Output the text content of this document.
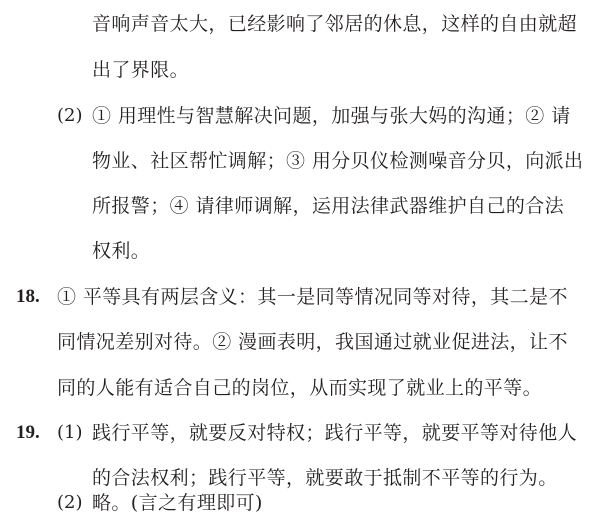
音响声音太大，已经影响了邻居的休息，这样的自由就超
出了界限。
(2) ① 用理性与智慧解决问题，加强与张大妈的沟通；② 请
物业、社区帮忙调解；③ 用分贝仪检测噪音分贝，向派出
所报警；④ 请律师调解，运用法律武器维护自己的合法
权利。
18. ① 平等具有两层含义：其一是同等情况同等对待，其二是不
同情况差别对待。② 漫画表明，我国通过就业促进法，让不
同的人能有适合自己的岗位，从而实现了就业上的平等。
19. (1) 践行平等，就要反对特权；践行平等，就要平等对待他人
的合法权利；践行平等，就要敢于抵制不平等的行为。
(2) 略。(言之有理即可)
